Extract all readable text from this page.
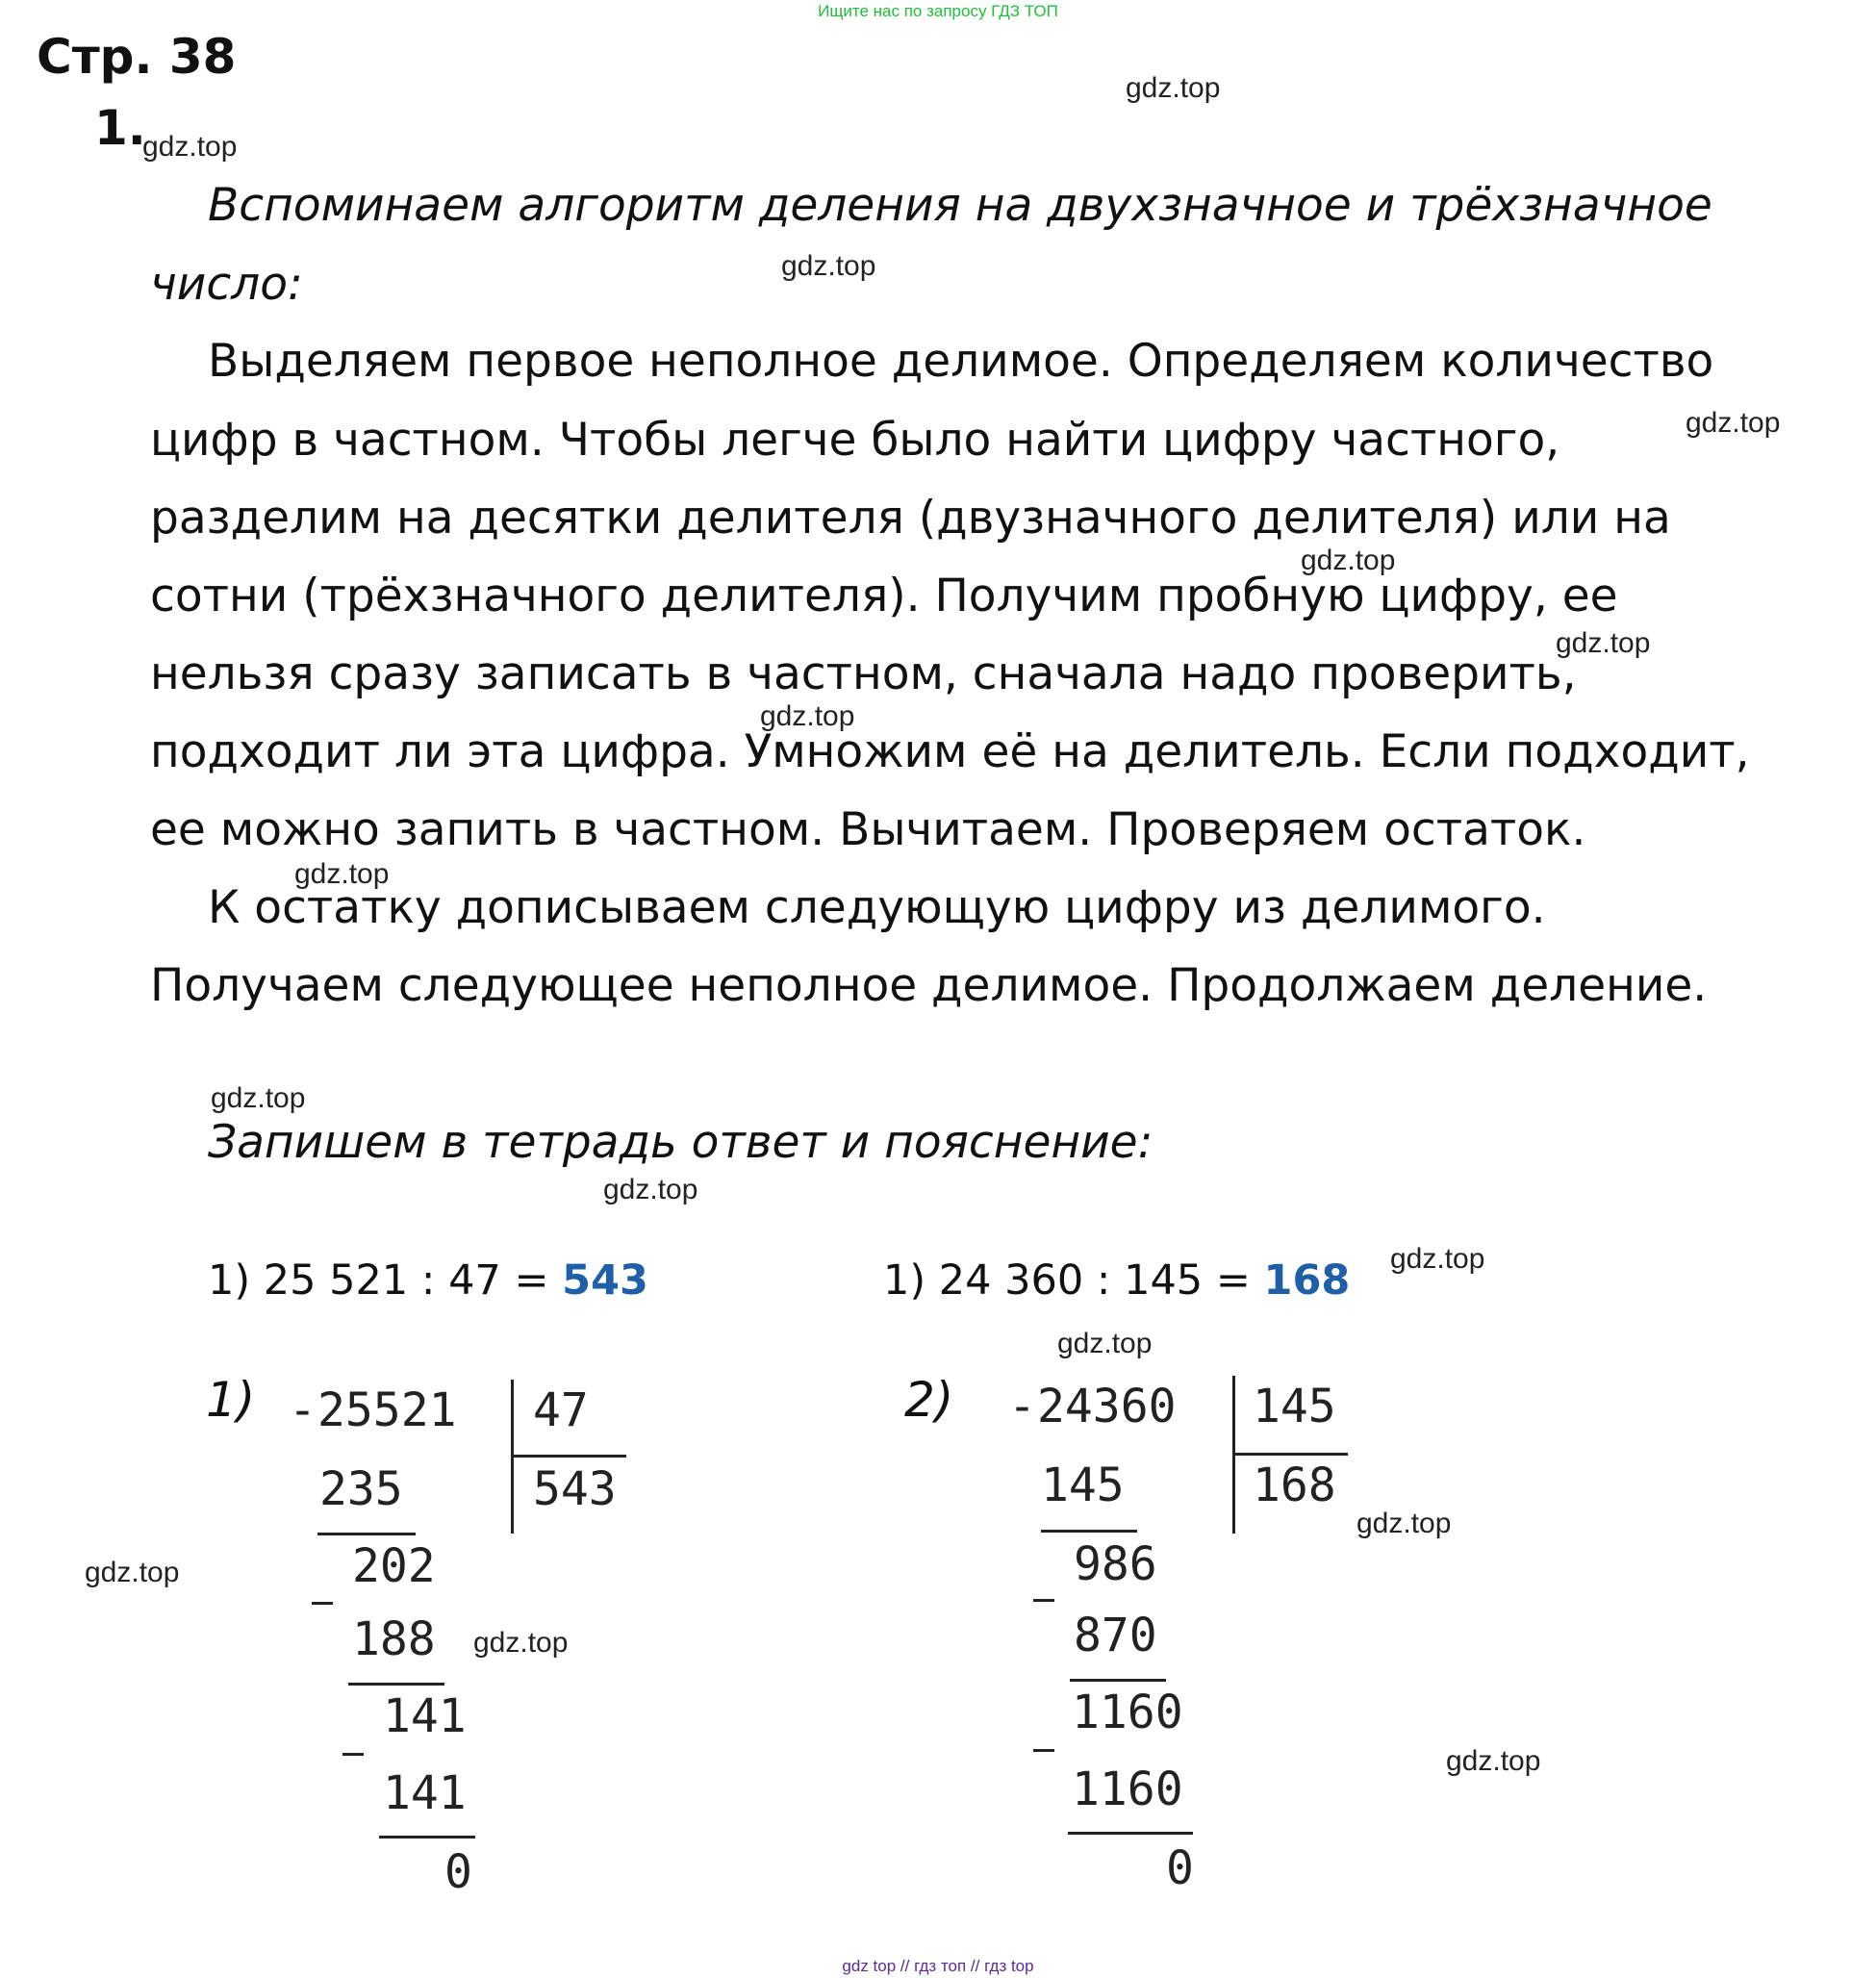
Ищите нас по запросу ГДЗ ТОП
Стр. 38
1.
gdz.top
gdz.top
gdz.top
gdz.top
gdz.top
gdz.top
gdz.top
gdz.top
gdz.top
gdz.top
gdz.top
gdz.top
gdz.top
gdz.top
gdz.top
gdz.top
Вспоминаем алгоритм деления на двухзначное и трёхзначное
число:
Выделяем первое неполное делимое. Определяем количество
цифр в частном. Чтобы легче было найти цифру частного,
разделим на десятки делителя (двузначного делителя) или на
сотни (трёхзначного делителя). Получим пробную цифру, ее
нельзя сразу записать в частном, сначала надо проверить,
подходит ли эта цифра. Умножим её на делитель. Если подходит,
ее можно запить в частном. Вычитаем. Проверяем остаток.
К остатку дописываем следующую цифру из делимого.
Получаем следующее неполное делимое. Продолжаем деление.
Запишем в тетрадь ответ и пояснение:
1) 25 521 : 47 = 543	1) 24 360 : 145 = 168
1) - 25521 47
543
235
202
188
141
141
0
2) - 24360 145
168
145
986
870
1160
1160
0
gdz top // гдз топ // гдз top
